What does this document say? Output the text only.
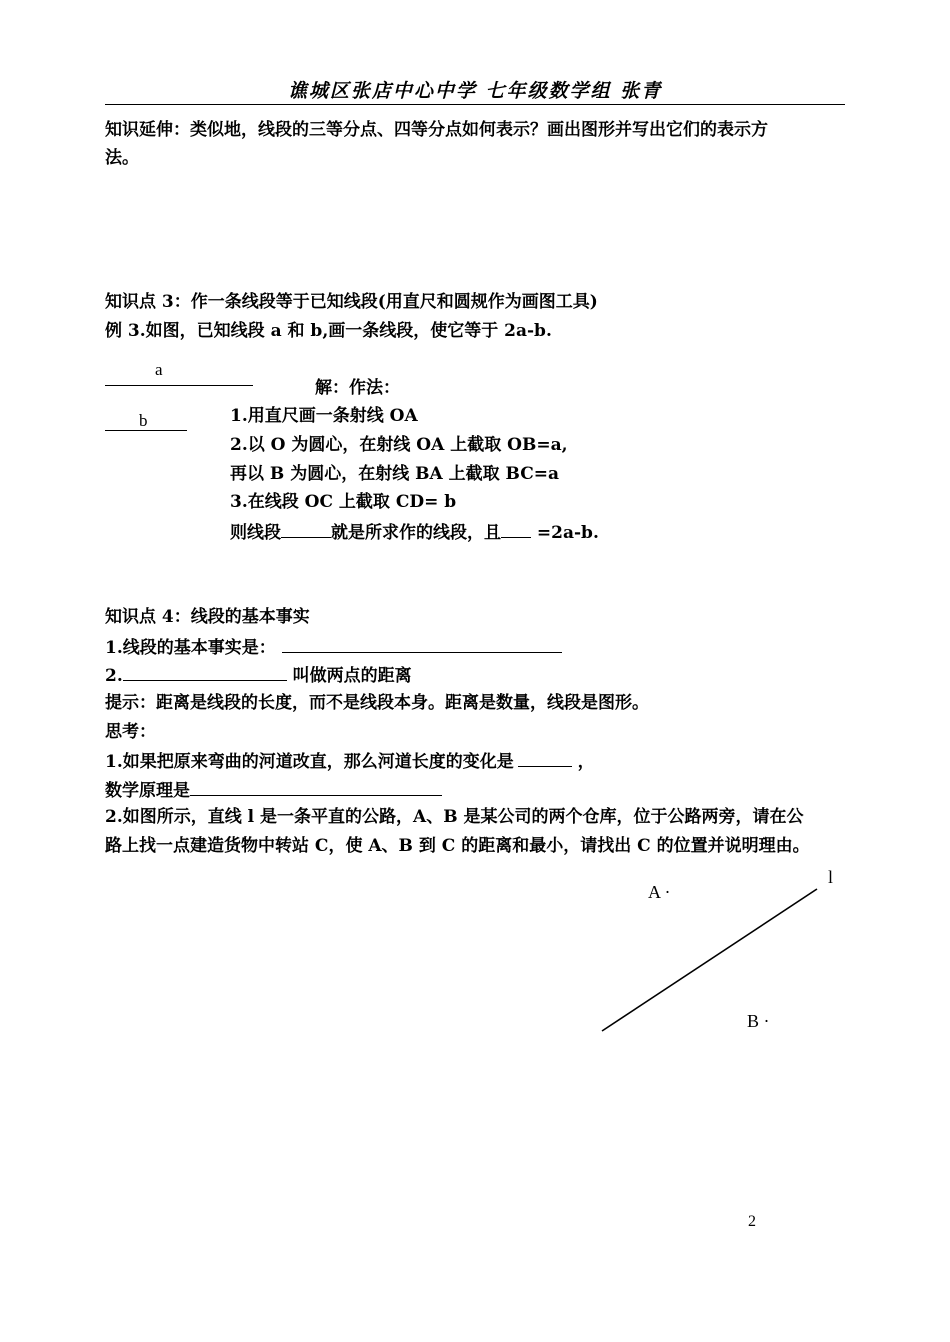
谯城区张店中心中学 七年级数学组 张青
知识延伸：类似地，线段的三等分点、四等分点如何表示？画出图形并写出它们的表示方
法。
知识点 3：作一条线段等于已知线段(用直尺和圆规作为画图工具)
例 3.如图，已知线段 a 和 b,画一条线段，使它等于 2a-b.
a
b
解：作法：
1.用直尺画一条射线 OA
2.以 O 为圆心，在射线 OA 上截取 OB=a,
再以 B 为圆心，在射线 BA 上截取 BC=a
3.在线段 OC 上截取 CD= b
则线段	就是所求作的线段，且 =2a-b.
知识点 4：线段的基本事实
1.线段的基本事实是：
2.	叫做两点的距离
提示：距离是线段的长度，而不是线段本身。距离是数量，线段是图形。
思考：
1.如果把原来弯曲的河道改直，那么河道长度的变化是	，
数学原理是
2.如图所示，直线 l 是一条平直的公路，A、B 是某公司的两个仓库，位于公路两旁，请在公
路上找一点建造货物中转站 C，使 A、B 到 C 的距离和最小，请找出 C 的位置并说明理由。
A ·
l
B ·
2
